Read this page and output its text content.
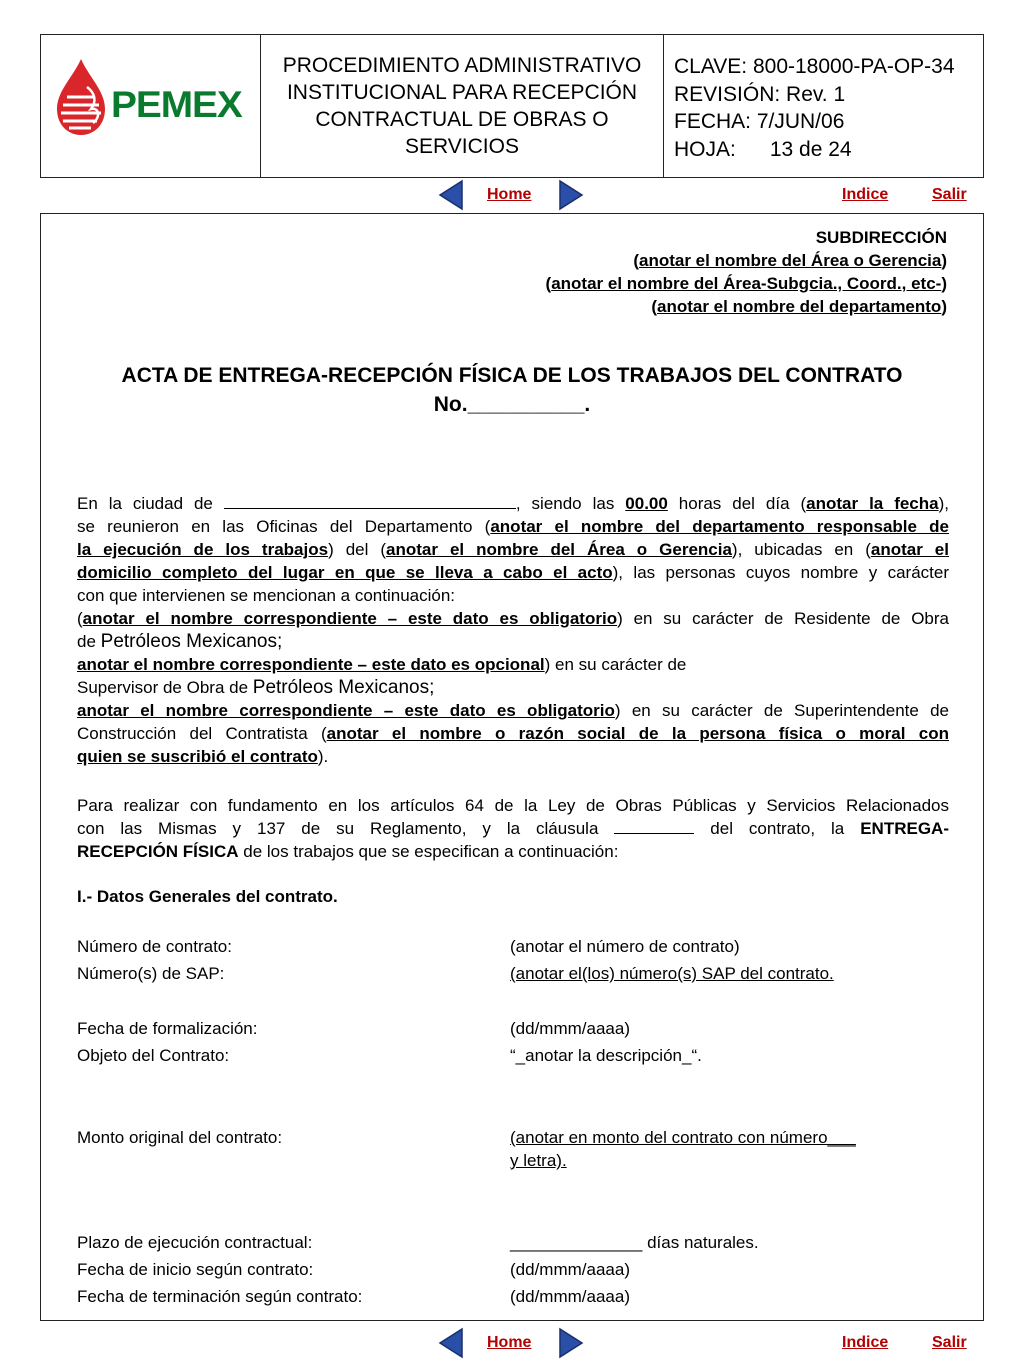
PEMEX
PROCEDIMIENTO ADMINISTRATIVO
INSTITUCIONAL PARA RECEPCIÓN
CONTRACTUAL DE OBRAS O
SERVICIOS
CLAVE: 800-18000-PA-OP-34
REVISIÓN: Rev. 1
FECHA: 7/JUN/06
HOJA: 13 de 24
Home	Indice	Salir
SUBDIRECCIÓN
(anotar el nombre del Área o Gerencia)
(anotar el nombre del Área-Subgcia., Coord., etc-)
(anotar el nombre del departamento)
ACTA DE ENTREGA-RECEPCIÓN FÍSICA DE LOS TRABAJOS DEL CONTRATO
No.__________.
En la ciudad de	, siendo las 00.00 horas del día (anotar la fecha),
se reunieron en las Oficinas del Departamento (anotar el nombre del departamento responsable de
la ejecución de los trabajos) del (anotar el nombre del Área o Gerencia), ubicadas en (anotar el
domicilio completo del lugar en que se lleva a cabo el acto), las personas cuyos nombre y carácter
con que intervienen se mencionan a continuación:
(anotar el nombre correspondiente – este dato es obligatorio) en su carácter de Residente de Obra
de Petróleos Mexicanos;
anotar el nombre correspondiente – este dato es opcional) en su carácter de
Supervisor de Obra de Petróleos Mexicanos;
anotar el nombre correspondiente – este dato es obligatorio) en su carácter de Superintendente de
Construcción del Contratista (anotar el nombre o razón social de la persona física o moral con
quien se suscribió el contrato).
Para realizar con fundamento en los artículos 64 de la Ley de Obras Públicas y Servicios Relacionados
con las Mismas y 137 de su Reglamento, y la cláusula	del contrato, la ENTREGA-
RECEPCIÓN FÍSICA de los trabajos que se especifican a continuación:
I.- Datos Generales del contrato.
Número de contrato:	(anotar el número de contrato)
Número(s) de SAP:	(anotar el(los) número(s) SAP del contrato.
Fecha de formalización:	(dd/mmm/aaaa)
Objeto del Contrato:	“_anotar la descripción_“.
Monto original del contrato:	(anotar en monto del contrato con número___
y letra).
Plazo de ejecución contractual:	______________ días naturales.
Fecha de inicio según contrato:	(dd/mmm/aaaa)
Fecha de terminación según contrato:	(dd/mmm/aaaa)
Home	Indice	Salir
